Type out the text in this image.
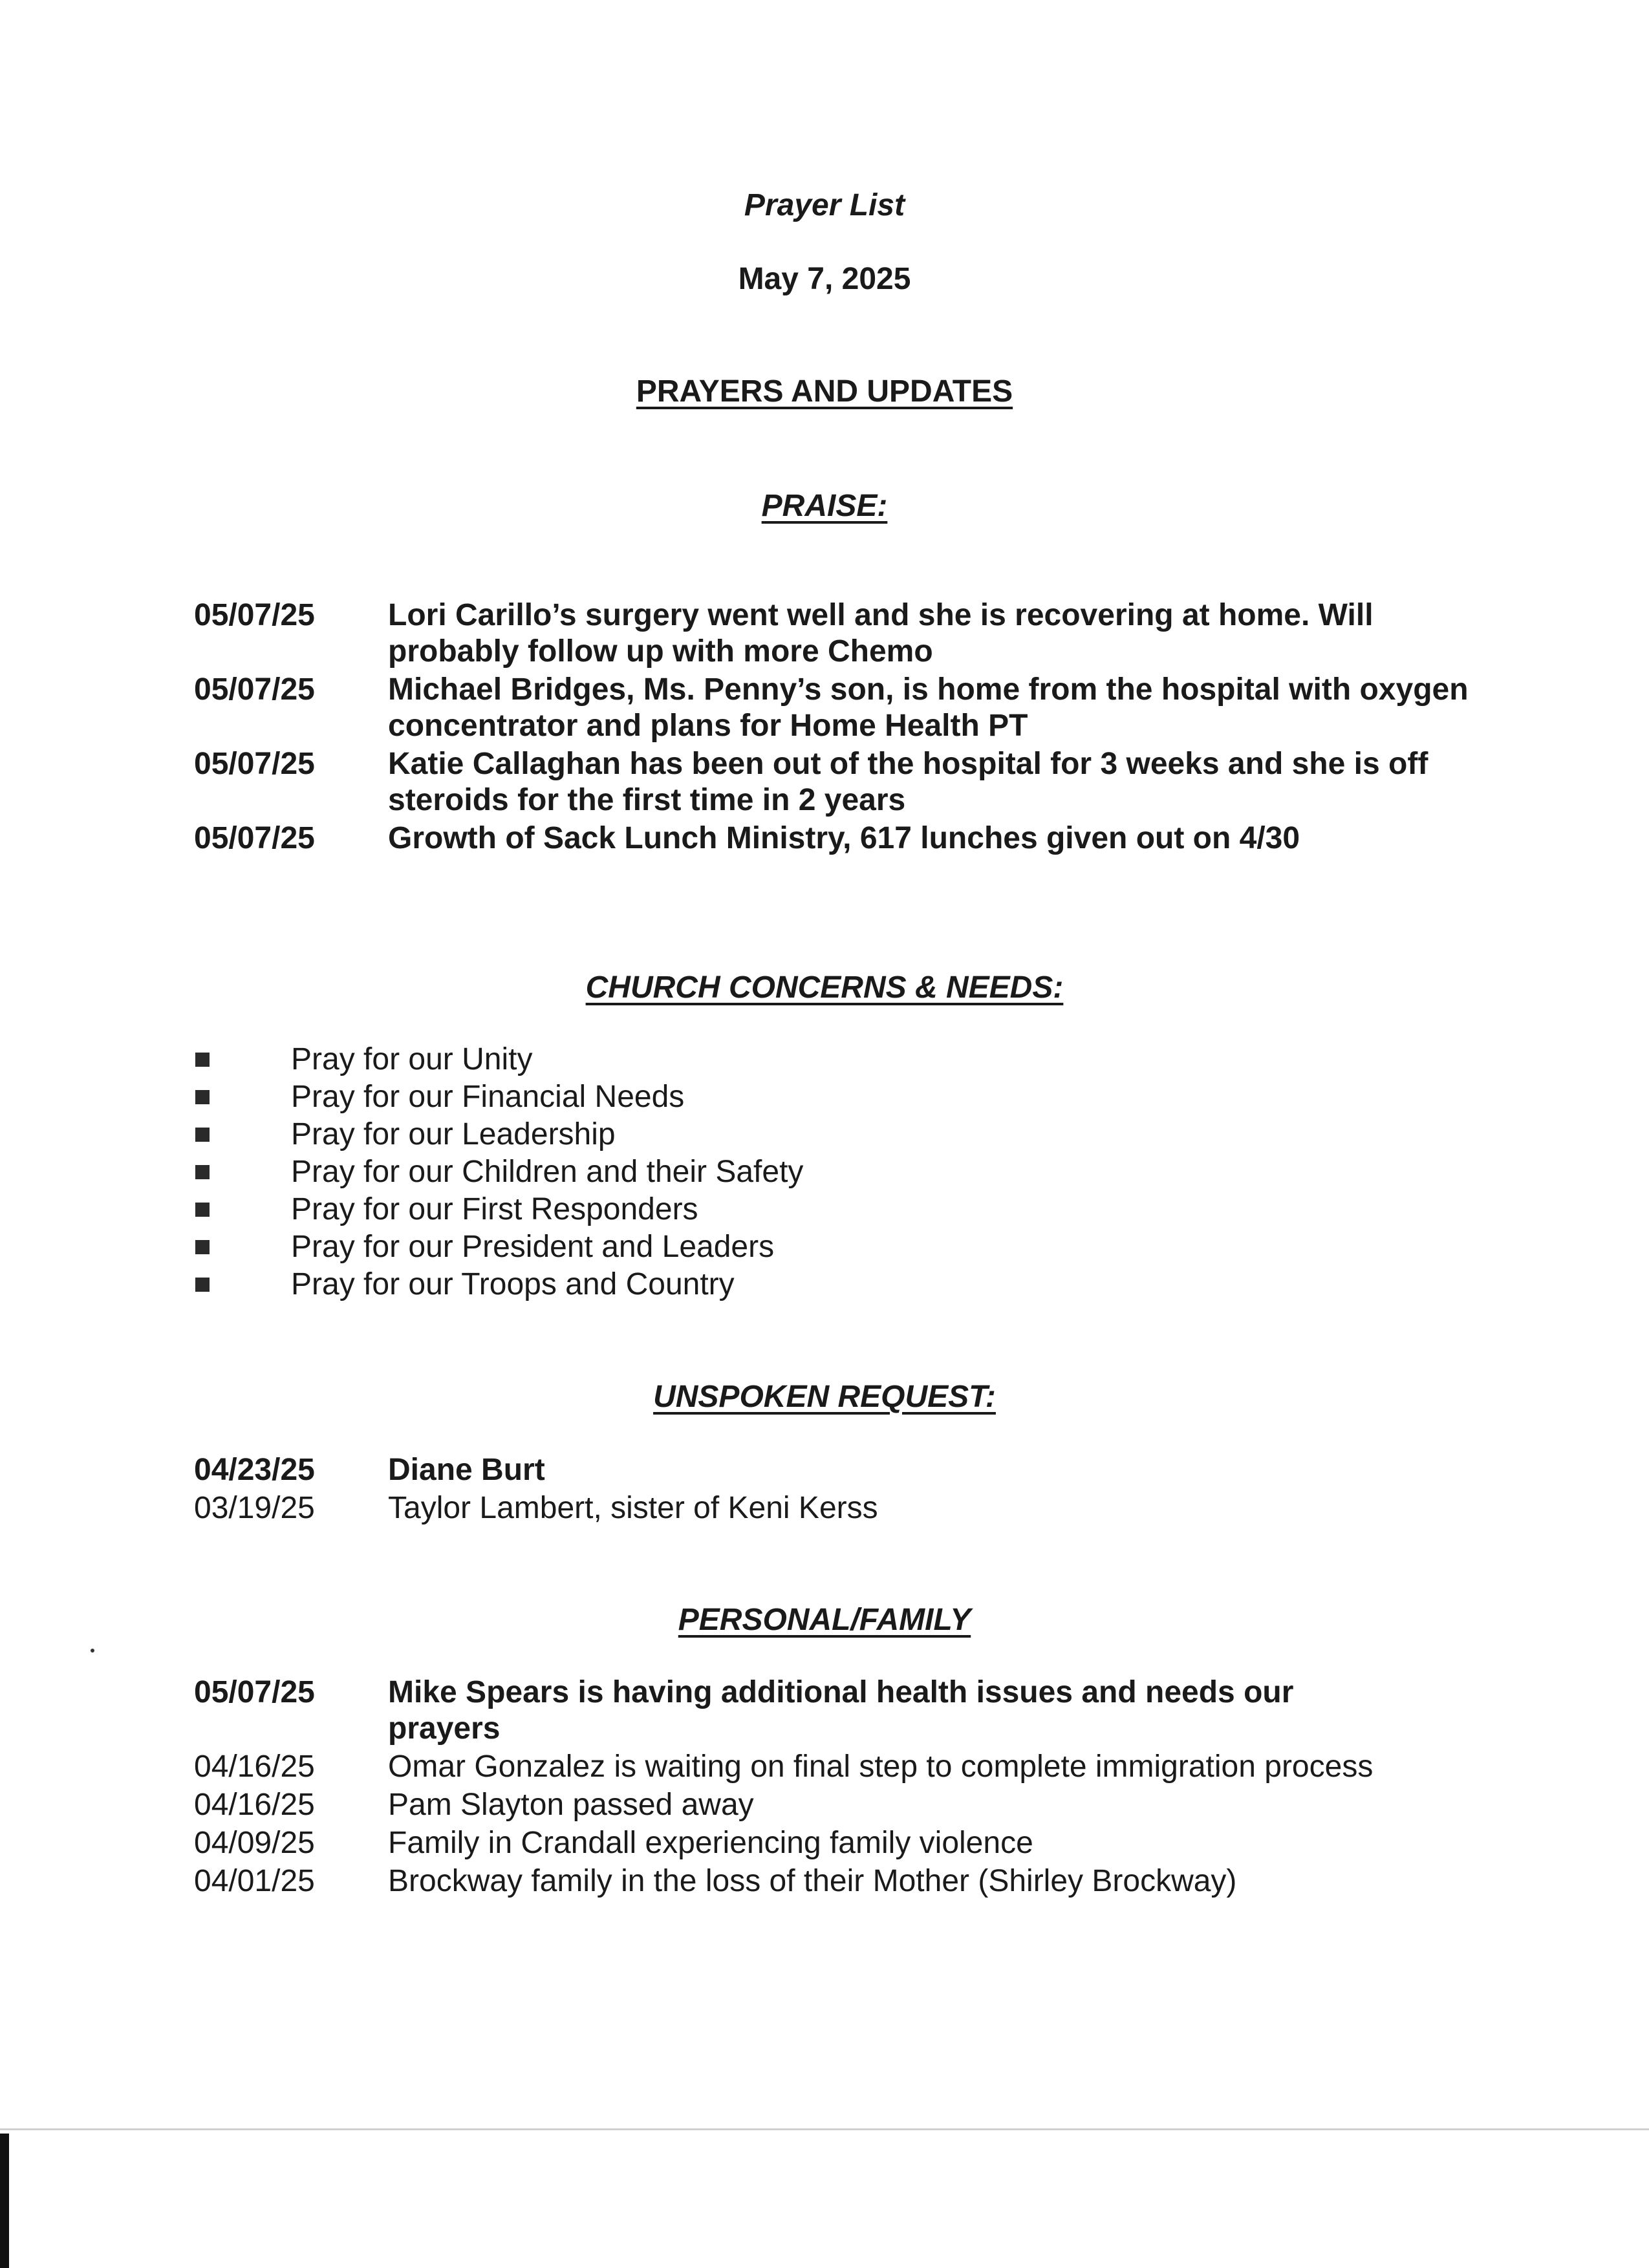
Prayer List
May 7, 2025
PRAYERS AND UPDATES
PRAISE:
05/07/25	Lori Carillo’s surgery went well and she is recovering at home. Will probably follow up with more Chemo
05/07/25	Michael Bridges, Ms. Penny’s son, is home from the hospital with oxygen concentrator and plans for Home Health PT
05/07/25	Katie Callaghan has been out of the hospital for 3 weeks and she is off steroids for the first time in 2 years
05/07/25	Growth of Sack Lunch Ministry, 617 lunches given out on 4/30
CHURCH CONCERNS & NEEDS:
Pray for our Unity
Pray for our Financial Needs
Pray for our Leadership
Pray for our Children and their Safety
Pray for our First Responders
Pray for our President and Leaders
Pray for our Troops and Country
UNSPOKEN REQUEST:
04/23/25	Diane Burt
03/19/25	Taylor Lambert, sister of Keni Kerss
PERSONAL/FAMILY
05/07/25	Mike Spears is having additional health issues and needs our prayers
04/16/25	Omar Gonzalez is waiting on final step to complete immigration process
04/16/25	Pam Slayton passed away
04/09/25	Family in Crandall experiencing family violence
04/01/25	Brockway family in the loss of their Mother (Shirley Brockway)
